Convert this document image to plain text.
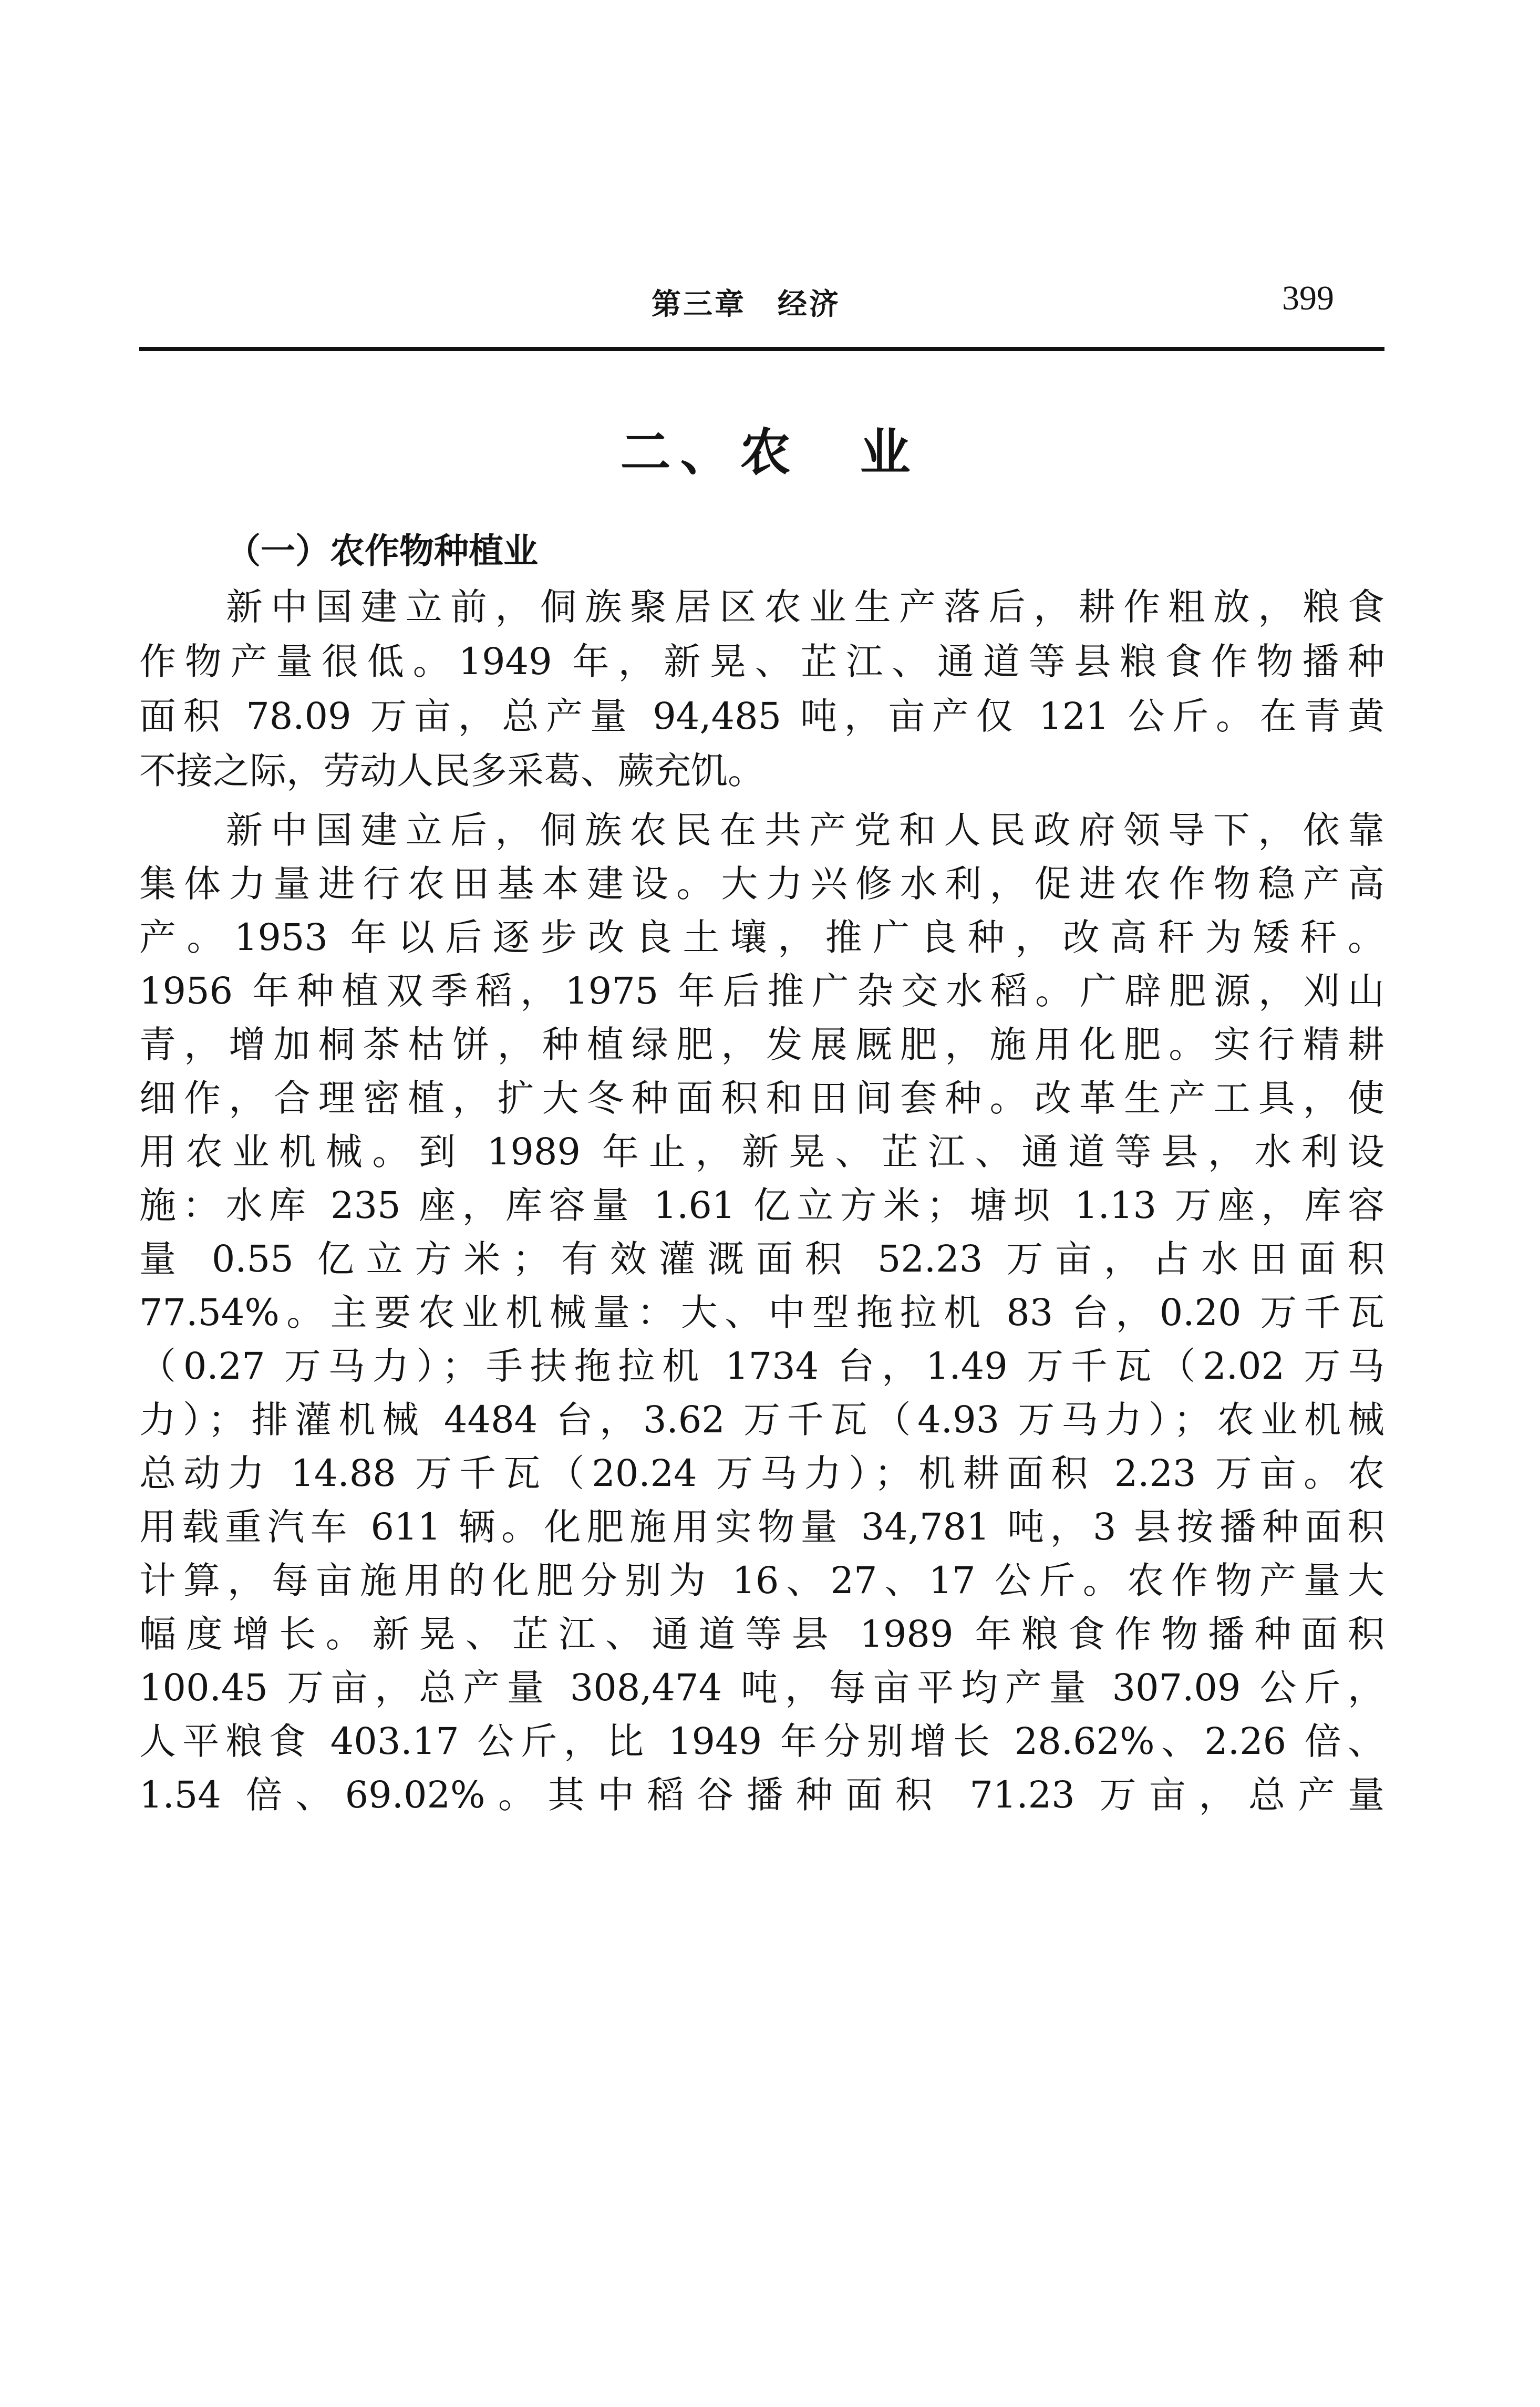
第三章　经济	399
二、农　业
（一）农作物种植业
新中国建立前，侗族聚居区农业生产落后，耕作粗放，粮食
作物产量很低。1949 年，新晃、芷江、通道等县粮食作物播种
面积 78.09 万亩，总产量 94,485 吨，亩产仅 121 公斤。在青黄
不接之际，劳动人民多采葛、蕨充饥。
新中国建立后，侗族农民在共产党和人民政府领导下，依靠
集体力量进行农田基本建设。大力兴修水利，促进农作物稳产高
产。1953 年以后逐步改良土壤，推广良种，改高秆为矮秆。
1956 年种植双季稻，1975 年后推广杂交水稻。广辟肥源，刈山
青，增加桐茶枯饼，种植绿肥，发展厩肥，施用化肥。实行精耕
细作，合理密植，扩大冬种面积和田间套种。改革生产工具，使
用农业机械。到 1989 年止，新晃、芷江、通道等县，水利设
施：水库 235 座，库容量 1.61 亿立方米；塘坝 1.13 万座，库容
量 0.55 亿立方米；有效灌溉面积 52.23 万亩，占水田面积
77.54%。主要农业机械量：大、中型拖拉机 83 台，0.20 万千瓦
（0.27 万马力）；手扶拖拉机 1734 台，1.49 万千瓦（2.02 万马
力）；排灌机械 4484 台，3.62 万千瓦（4.93 万马力）；农业机械
总动力 14.88 万千瓦（20.24 万马力）；机耕面积 2.23 万亩。农
用载重汽车 611 辆。化肥施用实物量 34,781 吨，3 县按播种面积
计算，每亩施用的化肥分别为 16、27、17 公斤。农作物产量大
幅度增长。新晃、芷江、通道等县 1989 年粮食作物播种面积
100.45 万亩，总产量 308,474 吨，每亩平均产量 307.09 公斤，
人平粮食 403.17 公斤，比 1949 年分别增长 28.62%、2.26 倍、
1.54 倍、69.02%。其中稻谷播种面积 71.23 万亩，总产量
